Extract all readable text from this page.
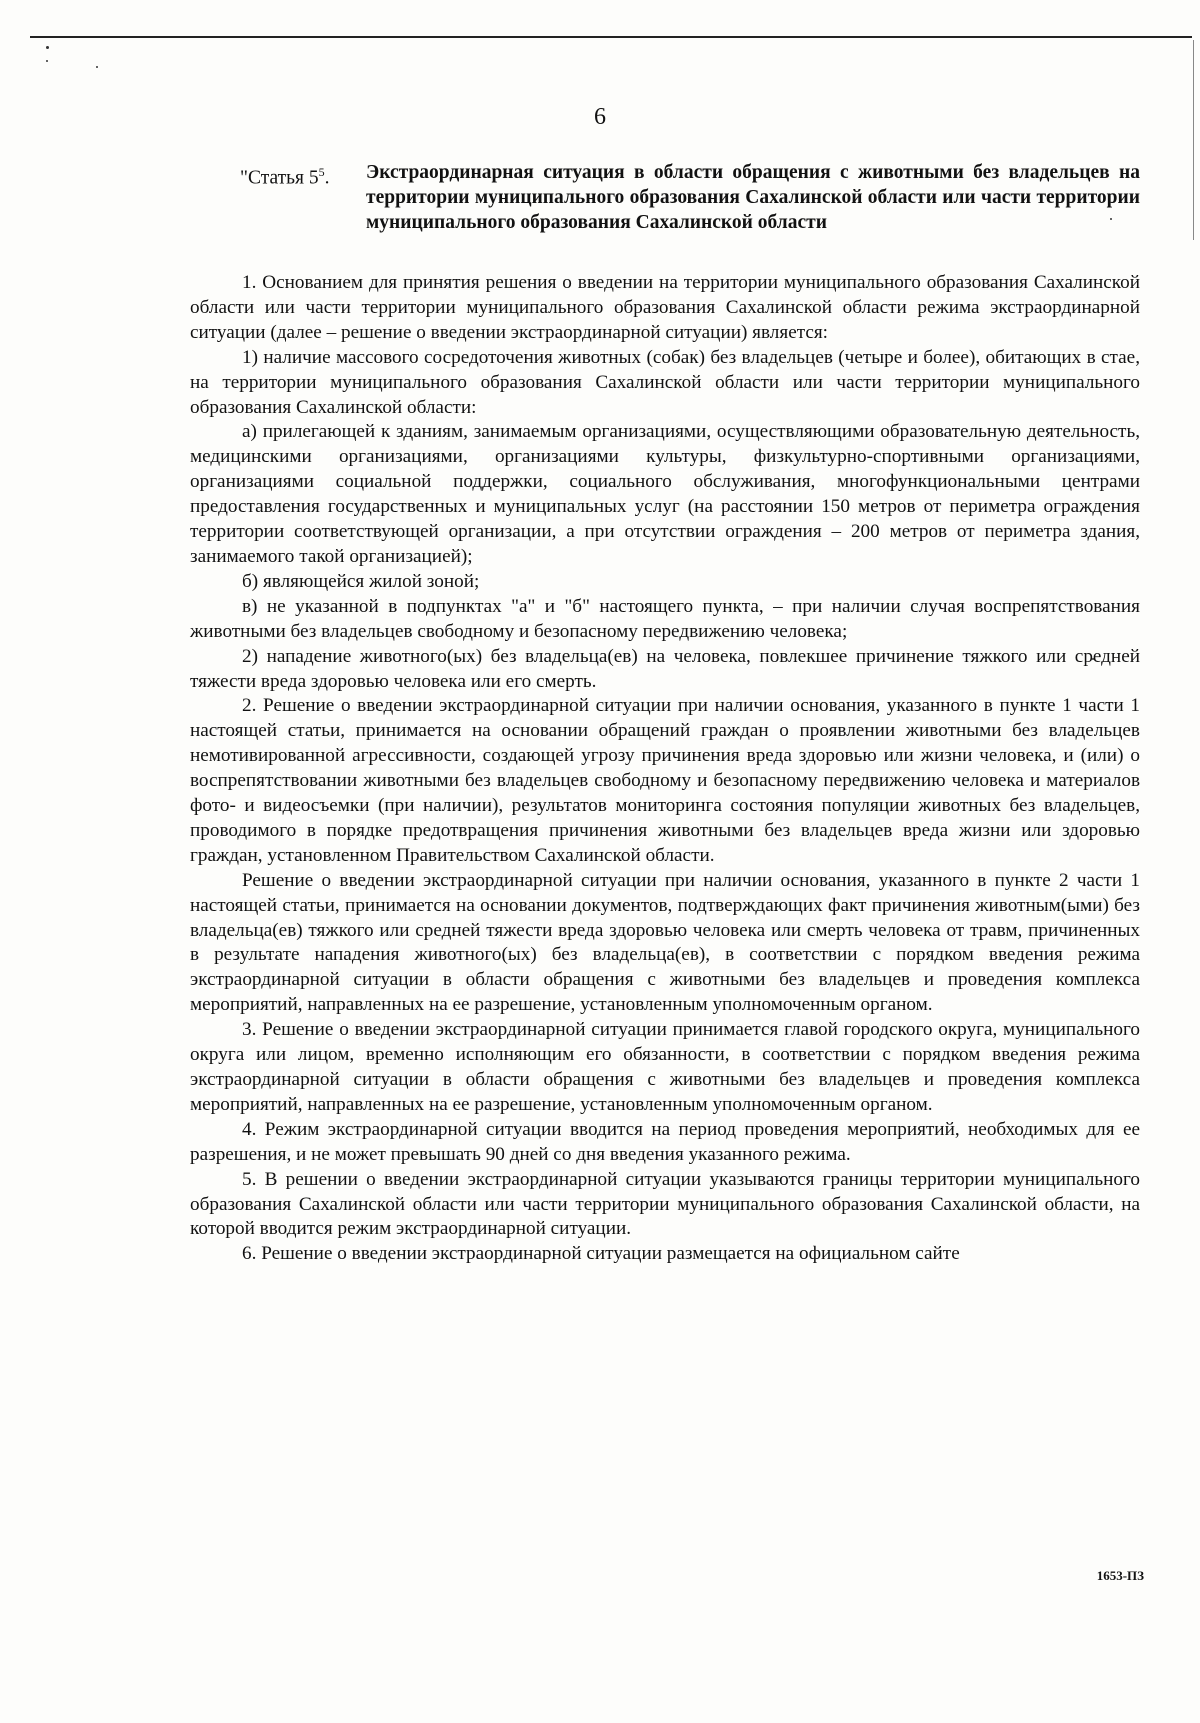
6
"Статья $5^5$. Экстраординарная ситуация в области обращения с животными без владельцев на территории муниципального образования Сахалинской области или части территории муниципального образования Сахалинской области

1. Основанием для принятия решения о введении на территории муниципального образования Сахалинской области или части территории муниципального образования Сахалинской области режима экстраординарной ситуации (далее – решение о введении экстраординарной ситуации) является:

1) наличие массового сосредоточения животных (собак) без владельцев (четыре и более), обитающих в стае, на территории муниципального образования Сахалинской области или части территории муниципального образования Сахалинской области:

а) прилегающей к зданиям, занимаемым организациями, осуществляющими образовательную деятельность, медицинскими организациями, организациями культуры, физкультурно-спортивными организациями, организациями социальной поддержки, социального обслуживания, многофункциональными центрами предоставления государственных и муниципальных услуг (на расстоянии 150 метров от периметра ограждения территории соответствующей организации, а при отсутствии ограждения – 200 метров от периметра здания, занимаемого такой организацией);

б) являющейся жилой зоной;

в) не указанной в подпунктах "а" и "б" настоящего пункта, – при наличии случая воспрепятствования животными без владельцев свободному и безопасному передвижению человека;

2) нападение животного(ых) без владельца(ев) на человека, повлекшее причинение тяжкого или средней тяжести вреда здоровью человека или его смерть.

2. Решение о введении экстраординарной ситуации при наличии основания, указанного в пункте 1 части 1 настоящей статьи, принимается на основании обращений граждан о проявлении животными без владельцев немотивированной агрессивности, создающей угрозу причинения вреда здоровью или жизни человека, и (или) о воспрепятствовании животными без владельцев свободному и безопасному передвижению человека и материалов фото- и видеосъемки (при наличии), результатов мониторинга состояния популяции животных без владельцев, проводимого в порядке предотвращения причинения животными без владельцев вреда жизни или здоровью граждан, установленном Правительством Сахалинской области.

Решение о введении экстраординарной ситуации при наличии основания, указанного в пункте 2 части 1 настоящей статьи, принимается на основании документов, подтверждающих факт причинения животным(ыми) без владельца(ев) тяжкого или средней тяжести вреда здоровью человека или смерть человека от травм, причиненных в результате нападения животного(ых) без владельца(ев), в соответствии с порядком введения режима экстраординарной ситуации в области обращения с животными без владельцев и проведения комплекса мероприятий, направленных на ее разрешение, установленным уполномоченным органом.

3. Решение о введении экстраординарной ситуации принимается главой городского округа, муниципального округа или лицом, временно исполняющим его обязанности, в соответствии с порядком введения режима экстраординарной ситуации в области обращения с животными без владельцев и проведения комплекса мероприятий, направленных на ее разрешение, установленным уполномоченным органом.

4. Режим экстраординарной ситуации вводится на период проведения мероприятий, необходимых для ее разрешения, и не может превышать 90 дней со дня введения указанного режима.

5. В решении о введении экстраординарной ситуации указываются границы территории муниципального образования Сахалинской области или части территории муниципального образования Сахалинской области, на которой вводится режим экстраординарной ситуации.

6. Решение о введении экстраординарной ситуации размещается на официальном сайте

1653-ПЗ
